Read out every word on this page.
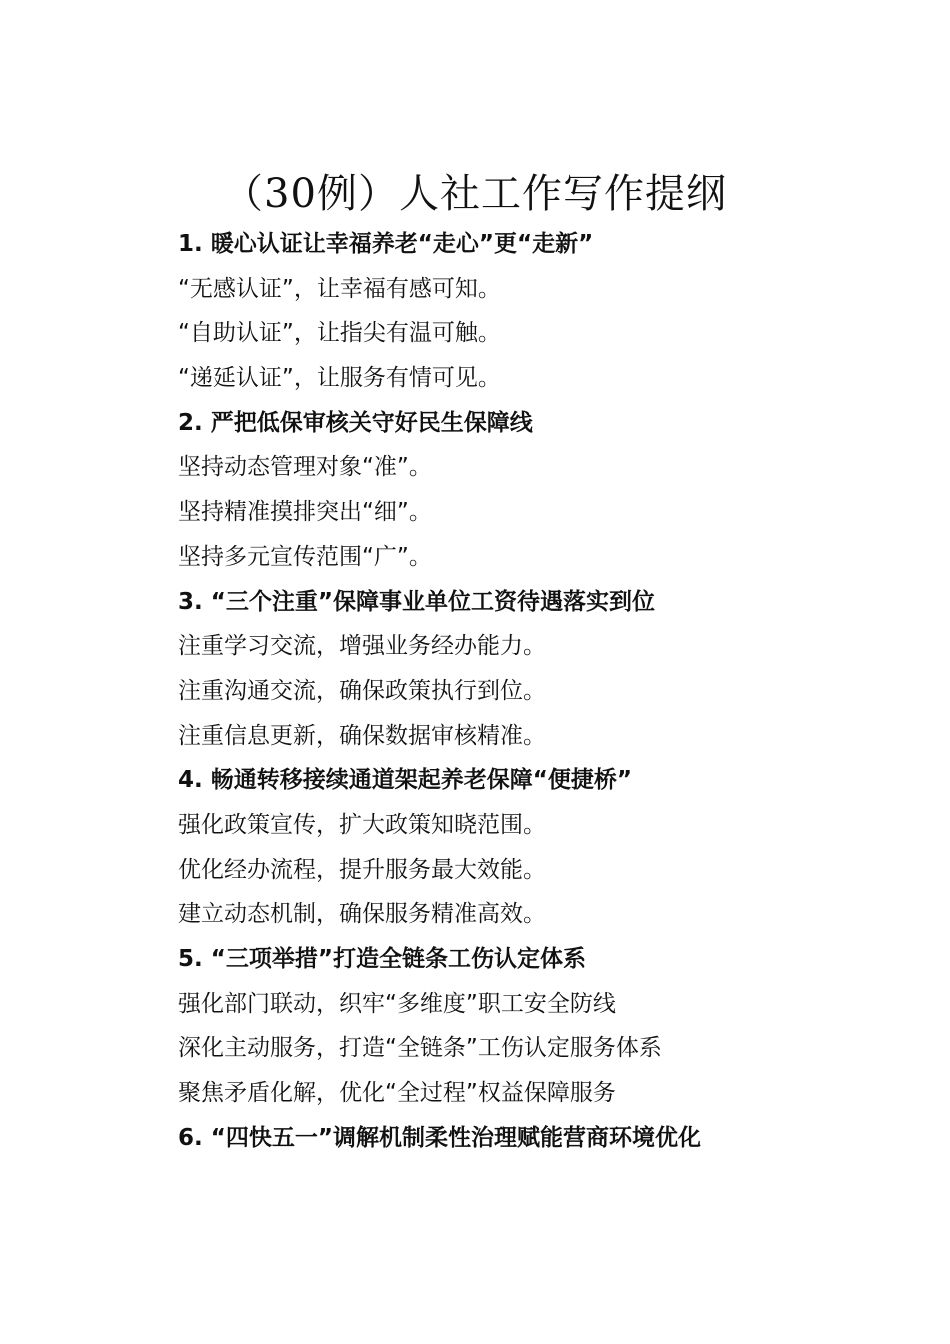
（30例）人社工作写作提纲
1. 暖心认证让幸福养老“走心”更“走新”
“无感认证”，让幸福有感可知。
“自助认证”，让指尖有温可触。
“递延认证”，让服务有情可见。
2. 严把低保审核关守好民生保障线
坚持动态管理对象“准”。
坚持精准摸排突出“细”。
坚持多元宣传范围“广”。
3. “三个注重”保障事业单位工资待遇落实到位
注重学习交流，增强业务经办能力。
注重沟通交流，确保政策执行到位。
注重信息更新，确保数据审核精准。
4. 畅通转移接续通道架起养老保障“便捷桥”
强化政策宣传，扩大政策知晓范围。
优化经办流程，提升服务最大效能。
建立动态机制，确保服务精准高效。
5. “三项举措”打造全链条工伤认定体系
强化部门联动，织牢“多维度”职工安全防线
深化主动服务，打造“全链条”工伤认定服务体系
聚焦矛盾化解，优化“全过程”权益保障服务
6. “四快五一”调解机制柔性治理赋能营商环境优化
